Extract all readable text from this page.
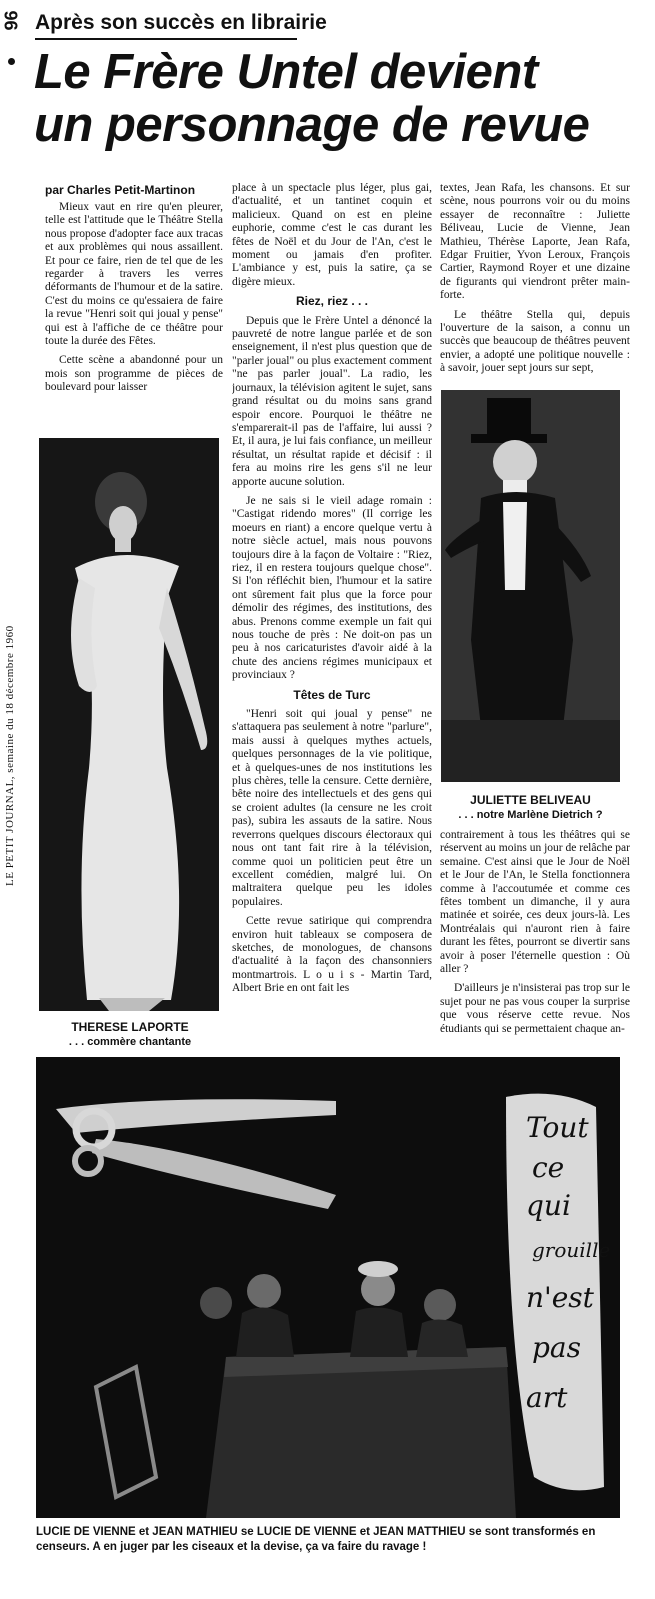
96
LE PETIT JOURNAL, semaine du 18 décembre 1960
Après son succès en librairie
Le Frère Untel devient
un personnage de revue
par Charles Petit-Martinon

Mieux vaut en rire qu'en pleurer, telle est l'attitude que le Théâtre Stella nous propose d'adopter face aux tracas et aux problèmes qui nous assaillent. Et pour ce faire, rien de tel que de les regarder à travers les verres déformants de l'humour et de la satire. C'est du moins ce qu'essaiera de faire la revue "Henri soit qui joual y pense" qui est à l'affiche de ce théâtre pour toute la durée des Fêtes.

Cette scène a abandonné pour un mois son programme de pièces de boulevard pour laisser

THERESE LAPORTE
. . . commère chantante

place à un spectacle plus léger, plus gai, d'actualité, et un tantinet coquin et malicieux. Quand on est en pleine euphorie, comme c'est le cas durant les fêtes de Noël et du Jour de l'An, c'est le moment ou jamais d'en profiter. L'ambiance y est, puis la satire, ça se digère mieux.

Riez, riez . . .

Depuis que le Frère Untel a dénoncé la pauvreté de notre langue parlée et de son enseignement, il n'est plus question que de "parler joual" ou plus exactement comment "ne pas parler joual". La radio, les journaux, la télévision agitent le sujet, sans grand résultat ou du moins sans grand espoir encore. Pourquoi le théâtre ne s'emparerait-il pas de l'affaire, lui aussi ? Et, il aura, je lui fais confiance, un meilleur résultat, un résultat rapide et décisif : il fera au moins rire les gens s'il ne leur apporte aucune solution.

Je ne sais si le vieil adage romain : "Castigat ridendo mores" (Il corrige les moeurs en riant) a encore quelque vertu à notre siècle actuel, mais nous pouvons toujours dire à la façon de Voltaire : "Riez, riez, il en restera toujours quelque chose". Si l'on réfléchit bien, l'humour et la satire ont sûrement fait plus que la force pour démolir des régimes, des institutions, des abus. Prenons comme exemple un fait qui nous touche de près : Ne doit-on pas un peu à nos caricaturistes d'avoir aidé à la chute des anciens régimes municipaux et provinciaux ?

Têtes de Turc

"Henri soit qui joual y pense" ne s'attaquera pas seulement à notre "parlure", mais aussi à quelques mythes actuels, quelques personnages de la vie politique, et à quelques-unes de nos institutions les plus chères, telle la censure. Cette dernière, bête noire des intellectuels et des gens qui se croient adultes (la censure ne les croit pas), subira les assauts de la satire. Nous reverrons quelques discours électoraux qui nous ont tant fait rire à la télévision, comme quoi un politicien peut être un excellent comédien, malgré lui. On maltraitera quelque peu les idoles populaires.

Cette revue satirique qui comprendra environ huit tableaux se composera de sketches, de monologues, de chansons d'actualité à la façon des chansonniers montmartrois. L o u i s - Martin Tard, Albert Brie en ont fait les

textes, Jean Rafa, les chansons. Et sur scène, nous pourrons voir ou du moins essayer de reconnaître : Juliette Béliveau, Lucie de Vienne, Jean Mathieu, Thérèse Laporte, Jean Rafa, Edgar Fruitier, Yvon Leroux, François Cartier, Raymond Royer et une dizaine de figurants qui viendront prêter main-forte.

Le théâtre Stella qui, depuis l'ouverture de la saison, a connu un succès que beaucoup de théâtres peuvent envier, a adopté une politique nouvelle : à savoir, jouer sept jours sur sept,

JULIETTE BELIVEAU
. . . notre Marlène Dietrich ?

contrairement à tous les théâtres qui se réservent au moins un jour de relâche par semaine. C'est ainsi que le Jour de Noël et le Jour de l'An, le Stella fonctionnera comme à l'accoutumée et comme ces fêtes tombent un dimanche, il y aura matinée et soirée, ces deux jours-là. Les Montréalais qui n'auront rien à faire durant les fêtes, pourront se divertir sans avoir à poser l'éternelle question : Où aller ?

D'ailleurs je n'insisterai pas trop sur le sujet pour ne pas vous couper la surprise que vous réserve cette revue. Nos étudiants qui se permettaient chaque an-

Tout
ce
qui
grouille
n'est
pas
art
LUCIE DE VIENNE et JEAN MATHIEU se LUCIE DE VIENNE et JEAN MATTHIEU se sont transformés en censeurs. A en juger par les ciseaux et la devise, ça va faire du ravage !
